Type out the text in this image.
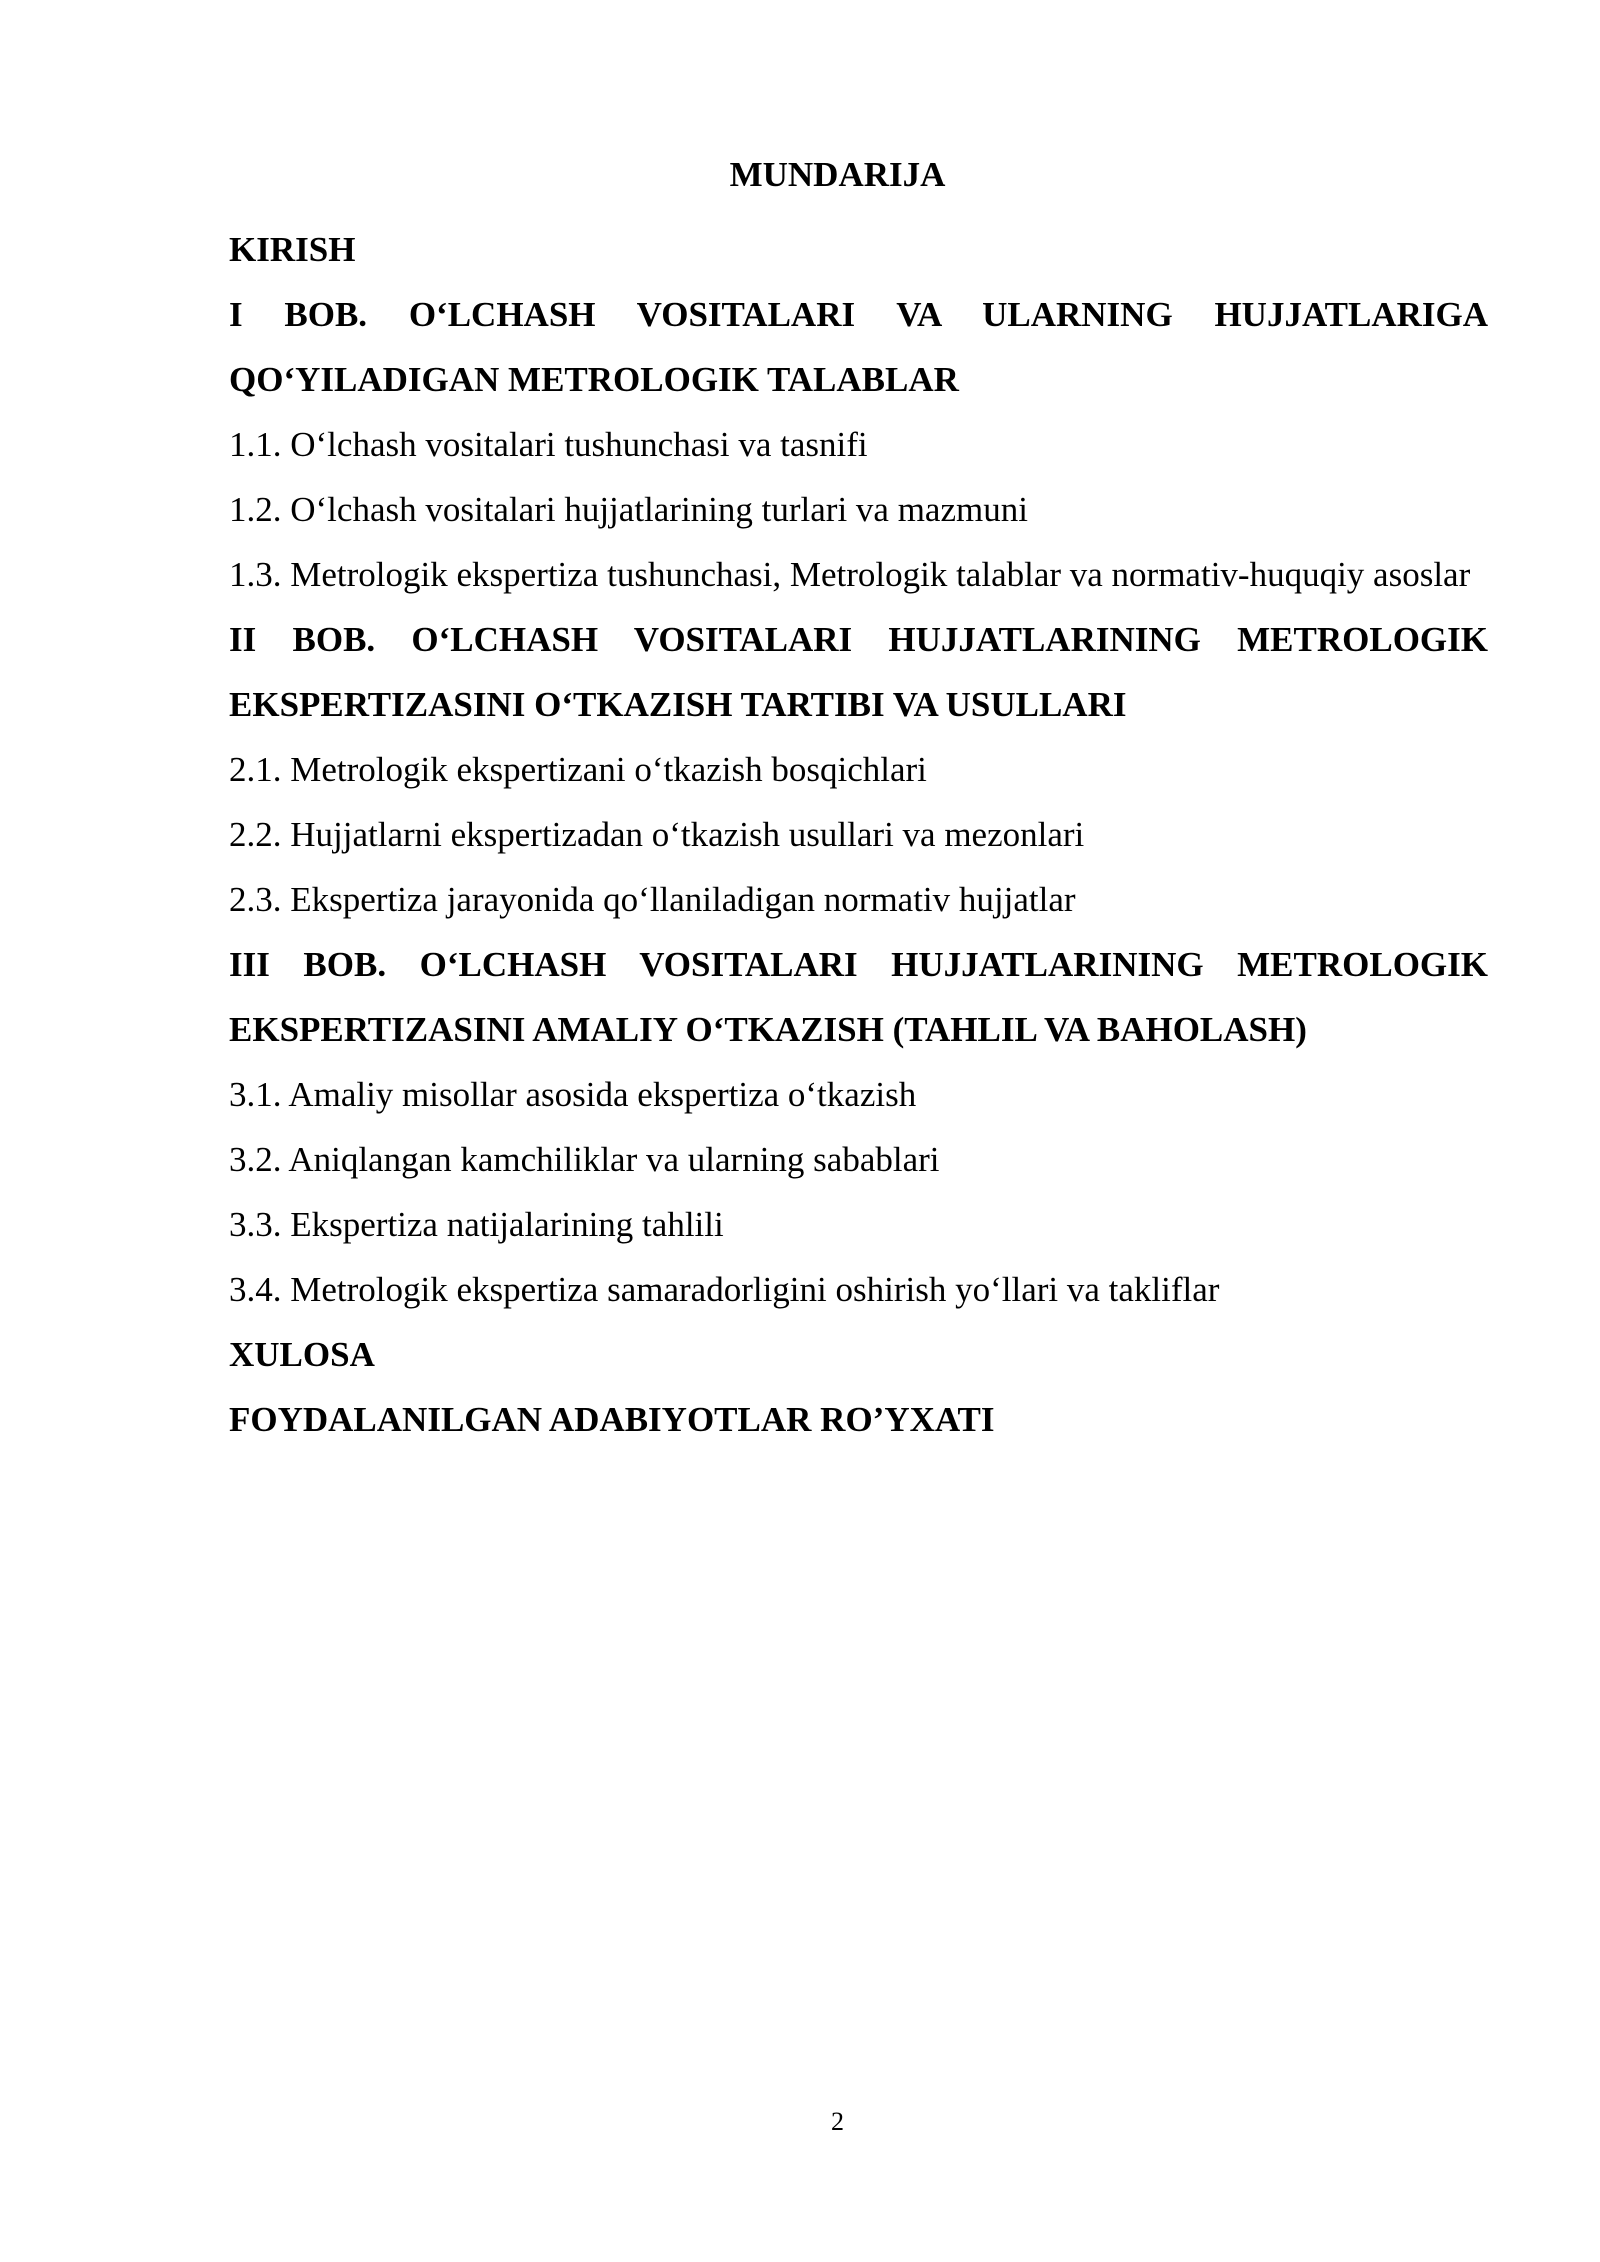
MUNDARIJA
KIRISH
I BOB. O‘LCHASH VOSITALARI VA ULARNING HUJJATLARIGA QO‘YILADIGAN METROLOGIK TALABLAR
1.1. O‘lchash vositalari tushunchasi va tasnifi
1.2. O‘lchash vositalari hujjatlarining turlari va mazmuni
1.3. Metrologik ekspertiza tushunchasi, Metrologik talablar va normativ-huquqiy asoslar
II BOB. O‘LCHASH VOSITALARI HUJJATLARINING METROLOGIK EKSPERTIZASINI O‘TKAZISH TARTIBI VA USULLARI
2.1. Metrologik ekspertizani o‘tkazish bosqichlari
2.2. Hujjatlarni ekspertizadan o‘tkazish usullari va mezonlari
2.3. Ekspertiza jarayonida qo‘llaniladigan normativ hujjatlar
III BOB. O‘LCHASH VOSITALARI HUJJATLARINING METROLOGIK EKSPERTIZASINI AMALIY O‘TKAZISH (TAHLIL VA BAHOLASH)
3.1. Amaliy misollar asosida ekspertiza o‘tkazish
3.2. Aniqlangan kamchiliklar va ularning sabablari
3.3. Ekspertiza natijalarining tahlili
3.4. Metrologik ekspertiza samaradorligini oshirish yo‘llari va takliflar
XULOSA
FOYDALANILGAN ADABIYOTLAR RO’YXATI
2
